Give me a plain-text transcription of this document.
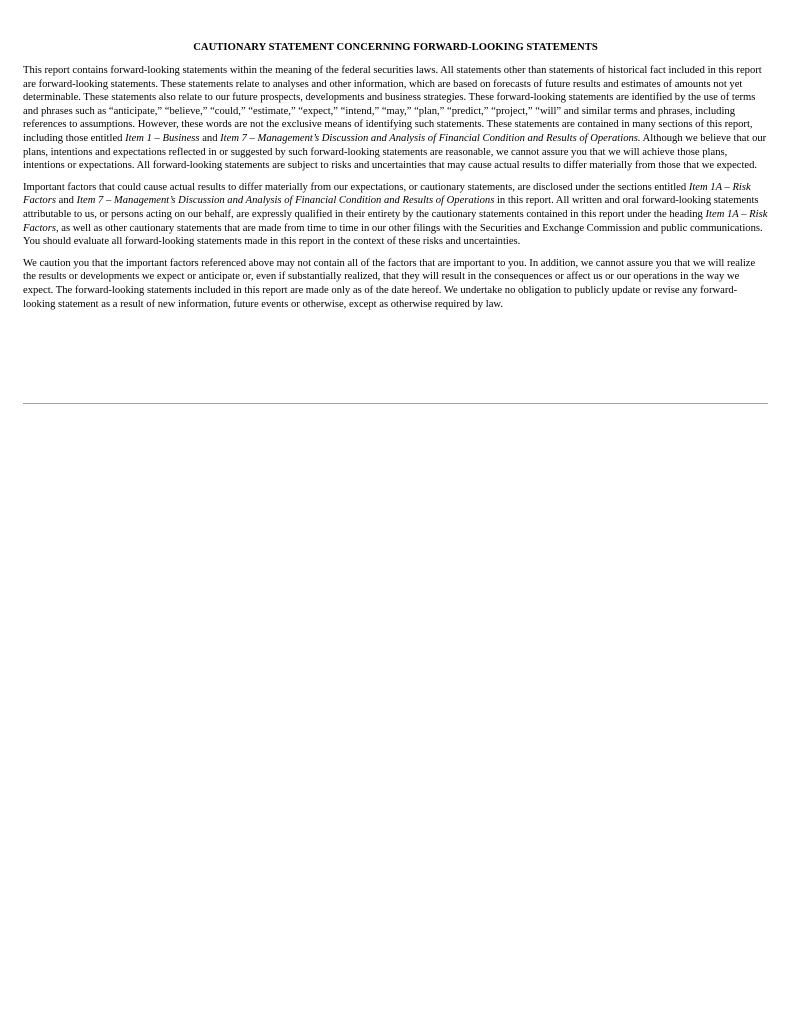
CAUTIONARY STATEMENT CONCERNING FORWARD-LOOKING STATEMENTS

This report contains forward-looking statements within the meaning of the federal securities laws. All statements other than statements of historical fact included in this report are forward-looking statements. These statements relate to analyses and other information, which are based on forecasts of future results and estimates of amounts not yet determinable. These statements also relate to our future prospects, developments and business strategies. These forward-looking statements are identified by the use of terms and phrases such as “anticipate,” “believe,” “could,” “estimate,” “expect,” “intend,” “may,” “plan,” “predict,” “project,” “will” and similar terms and phrases, including references to assumptions. However, these words are not the exclusive means of identifying such statements. These statements are contained in many sections of this report, including those entitled Item 1 – Business and Item 7 – Management’s Discussion and Analysis of Financial Condition and Results of Operations. Although we believe that our plans, intentions and expectations reflected in or suggested by such forward-looking statements are reasonable, we cannot assure you that we will achieve those plans, intentions or expectations. All forward-looking statements are subject to risks and uncertainties that may cause actual results to differ materially from those that we expected.

Important factors that could cause actual results to differ materially from our expectations, or cautionary statements, are disclosed under the sections entitled Item 1A – Risk Factors and Item 7 – Management’s Discussion and Analysis of Financial Condition and Results of Operations in this report. All written and oral forward-looking statements attributable to us, or persons acting on our behalf, are expressly qualified in their entirety by the cautionary statements contained in this report under the heading Item 1A – Risk Factors, as well as other cautionary statements that are made from time to time in our other filings with the Securities and Exchange Commission and public communications. You should evaluate all forward-looking statements made in this report in the context of these risks and uncertainties.

We caution you that the important factors referenced above may not contain all of the factors that are important to you. In addition, we cannot assure you that we will realize the results or developments we expect or anticipate or, even if substantially realized, that they will result in the consequences or affect us or our operations in the way we expect. The forward-looking statements included in this report are made only as of the date hereof. We undertake no obligation to publicly update or revise any forward-looking statement as a result of new information, future events or otherwise, except as otherwise required by law.
